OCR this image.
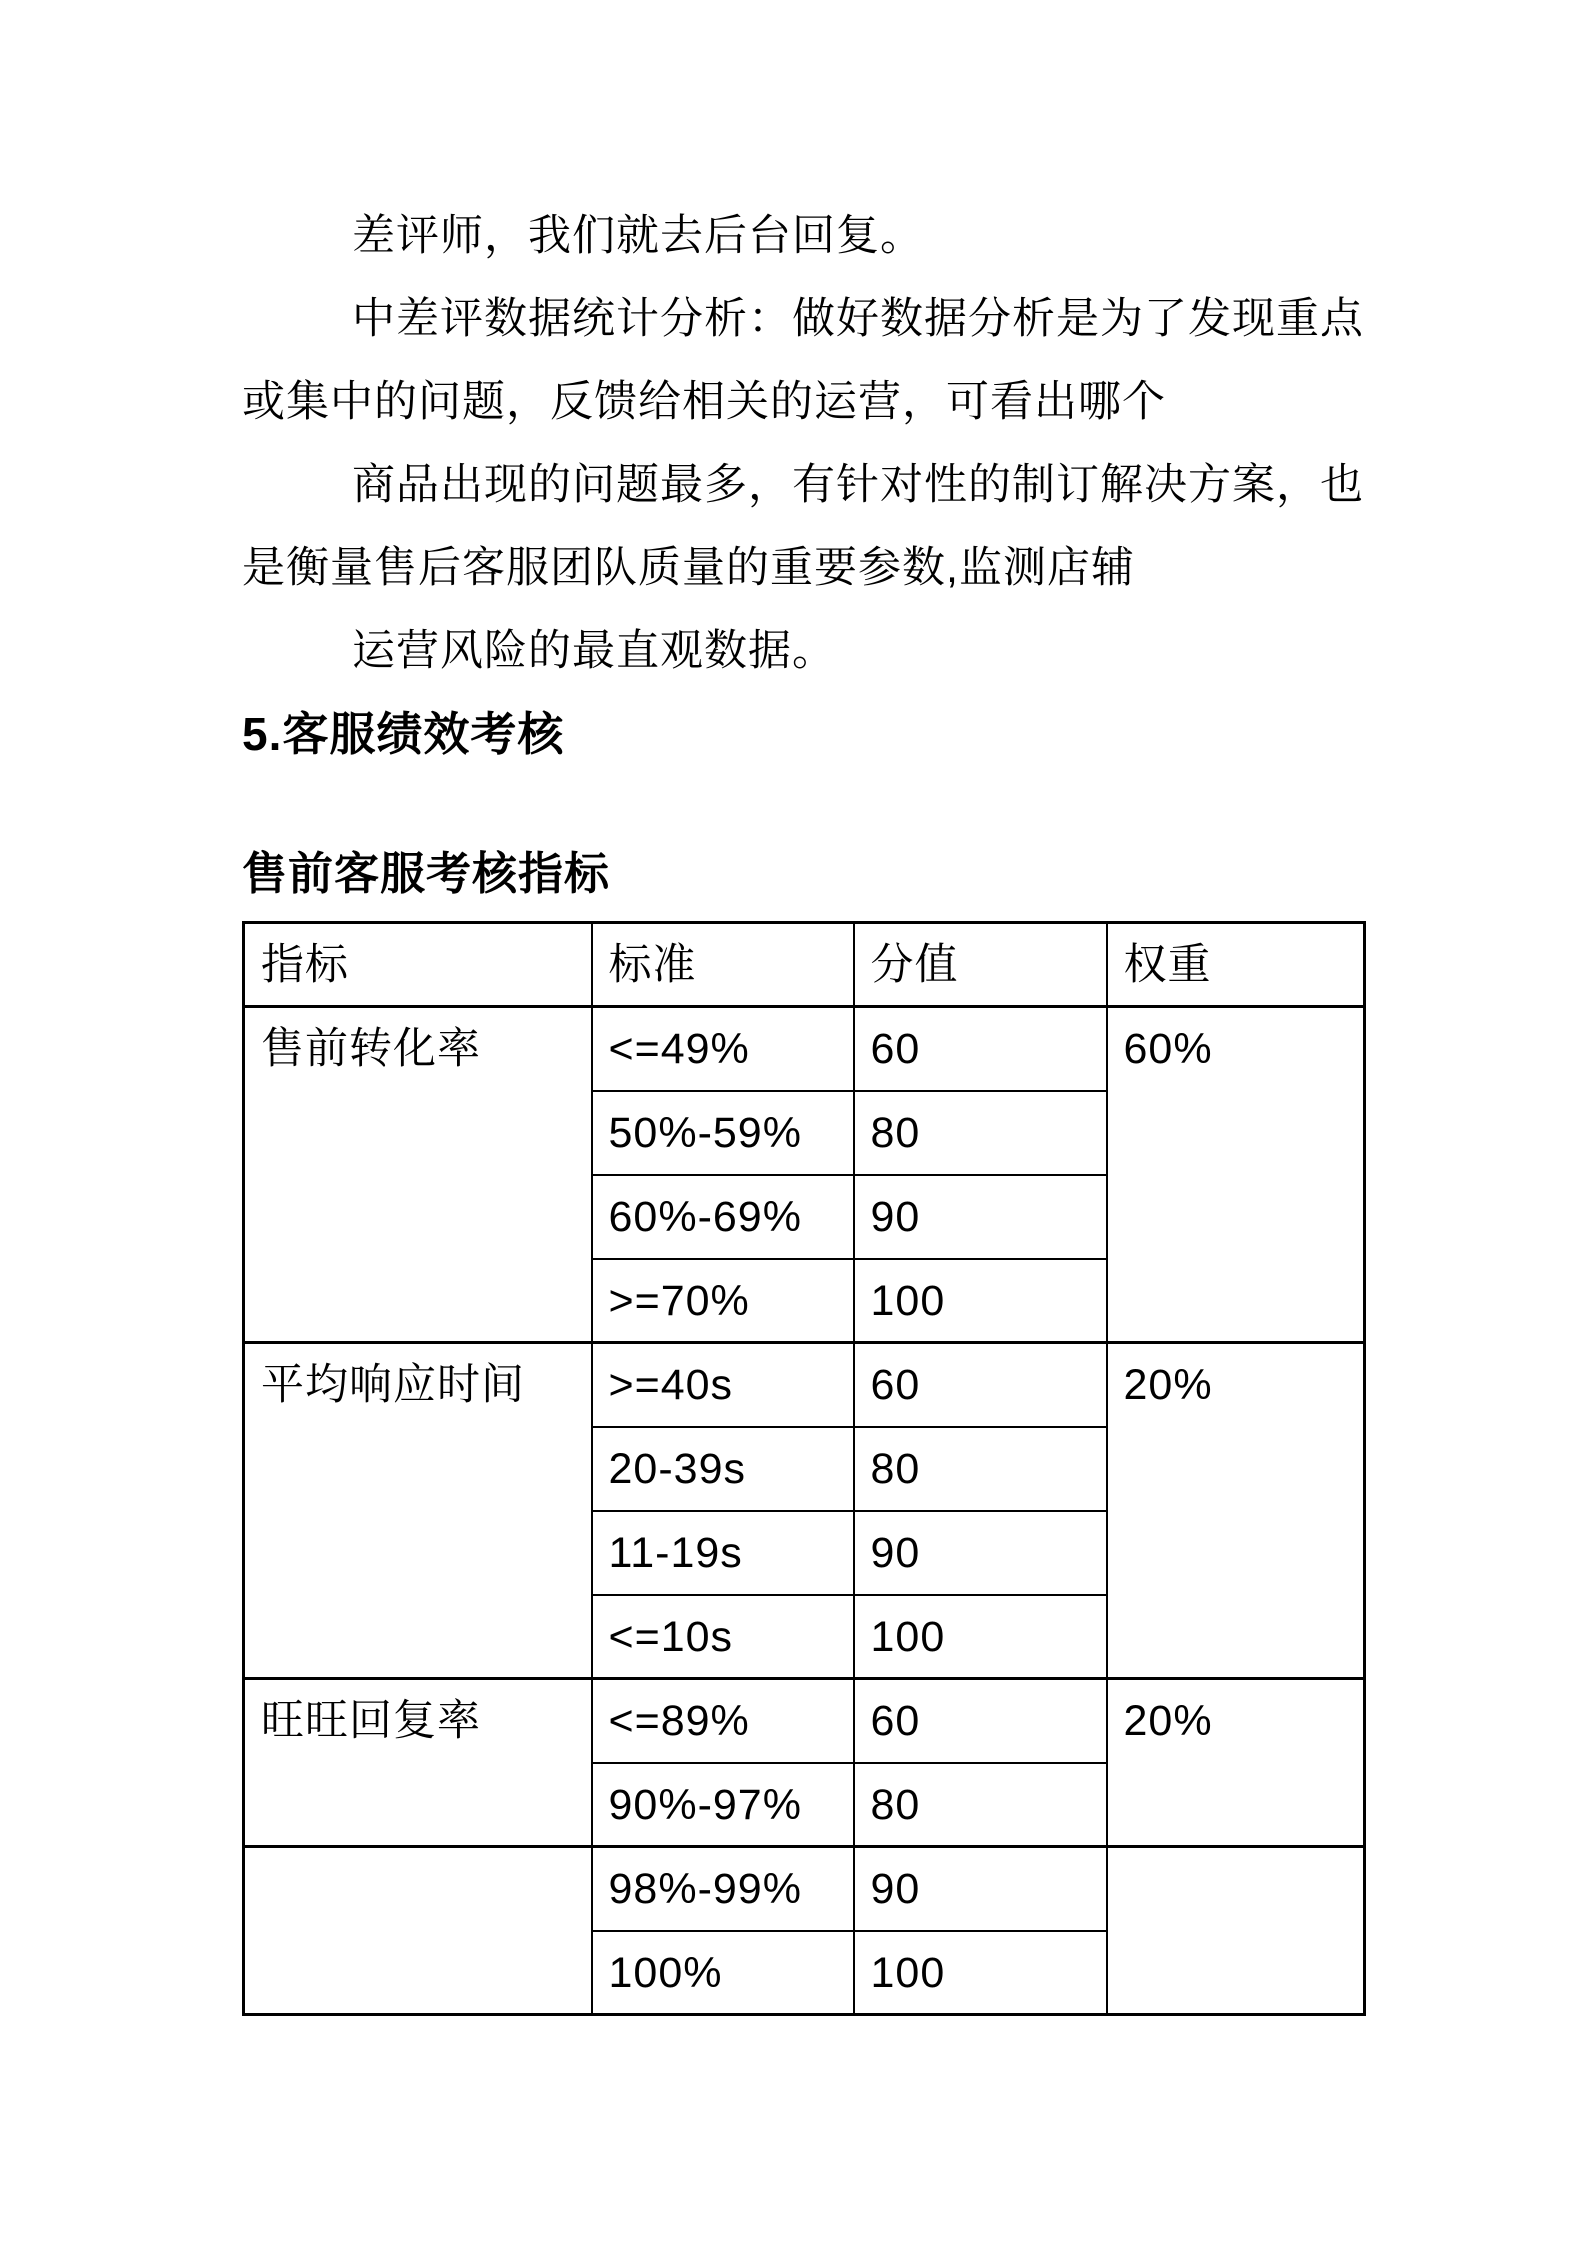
差评师，我们就去后台回复。

中差评数据统计分析：做好数据分析是为了发现重点

或集中的问题，反馈给相关的运营，可看出哪个

商品出现的问题最多，有针对性的制订解决方案，也

是衡量售后客服团队质量的重要参数,监测店辅

运营风险的最直观数据。

5.客服绩效考核
售前客服考核指标
指标	标准	分值	权重
售前转化率	<=49%	60	60%
	50%-59%	80	
	60%-69%	90	
	>=70%	100	
平均响应时间	>=40s	60	20%
	20-39s	80	
	11-19s	90	
	<=10s	100	
旺旺回复率	<=89%	60	20%
	90%-97%	80	
	98%-99%	90	
	100%	100	
